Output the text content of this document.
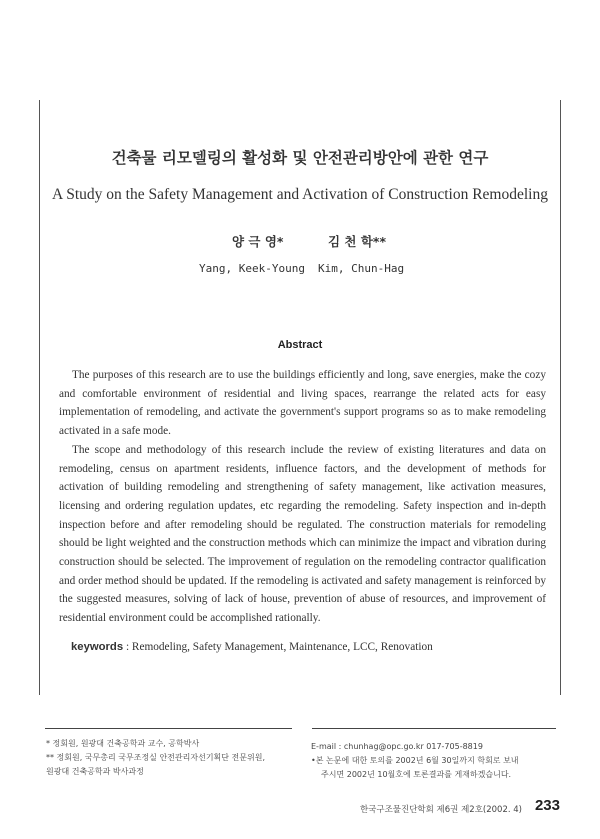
건축물 리모델링의 활성화 및 안전관리방안에 관한 연구
A Study on the Safety Management and Activation of Construction Remodeling
양 극 영*	김 천 학**
Yang, Keek-Young Kim, Chun-Hag
Abstract

The purposes of this research are to use the buildings efficiently and long, save energies, make the cozy and comfortable environment of residential and living spaces, rearrange the related acts for easy implementation of remodeling, and activate the government's support programs so as to make remodeling activated in a safe mode.

The scope and methodology of this research include the review of existing literatures and data on remodeling, census on apartment residents, influence factors, and the development of methods for activation of building remodeling and strengthening of safety management, like activation measures, licensing and ordering regulation updates, etc regarding the remodeling. Safety inspection and in-depth inspection before and after remodeling should be regulated. The construction materials for remodeling should be light weighted and the construction methods which can minimize the impact and vibration during construction should be selected. The improvement of regulation on the remodeling contractor qualification and order method should be updated. If the remodeling is activated and safety management is reinforced by the suggested measures, solving of lack of house, prevention of abuse of resources, and improvement of residential environment could be accomplished rationally.

keywords : Remodeling, Safety Management, Maintenance, LCC, Renovation
* 정회원, 원광대 건축공학과 교수, 공학박사
** 정회원, 국무총리 국무조정실 안전관리자선기획단 전문위원,
원광대 건축공학과 박사과정
E-mail : chunhag@opc.go.kr 017-705-8819
•본 논문에 대한 토의를 2002년 6월 30일까지 학회로 보내
주시면 2002년 10월호에 토론결과를 게재하겠습니다.
한국구조물진단학회 제6권 제2호(2002. 4) 233
